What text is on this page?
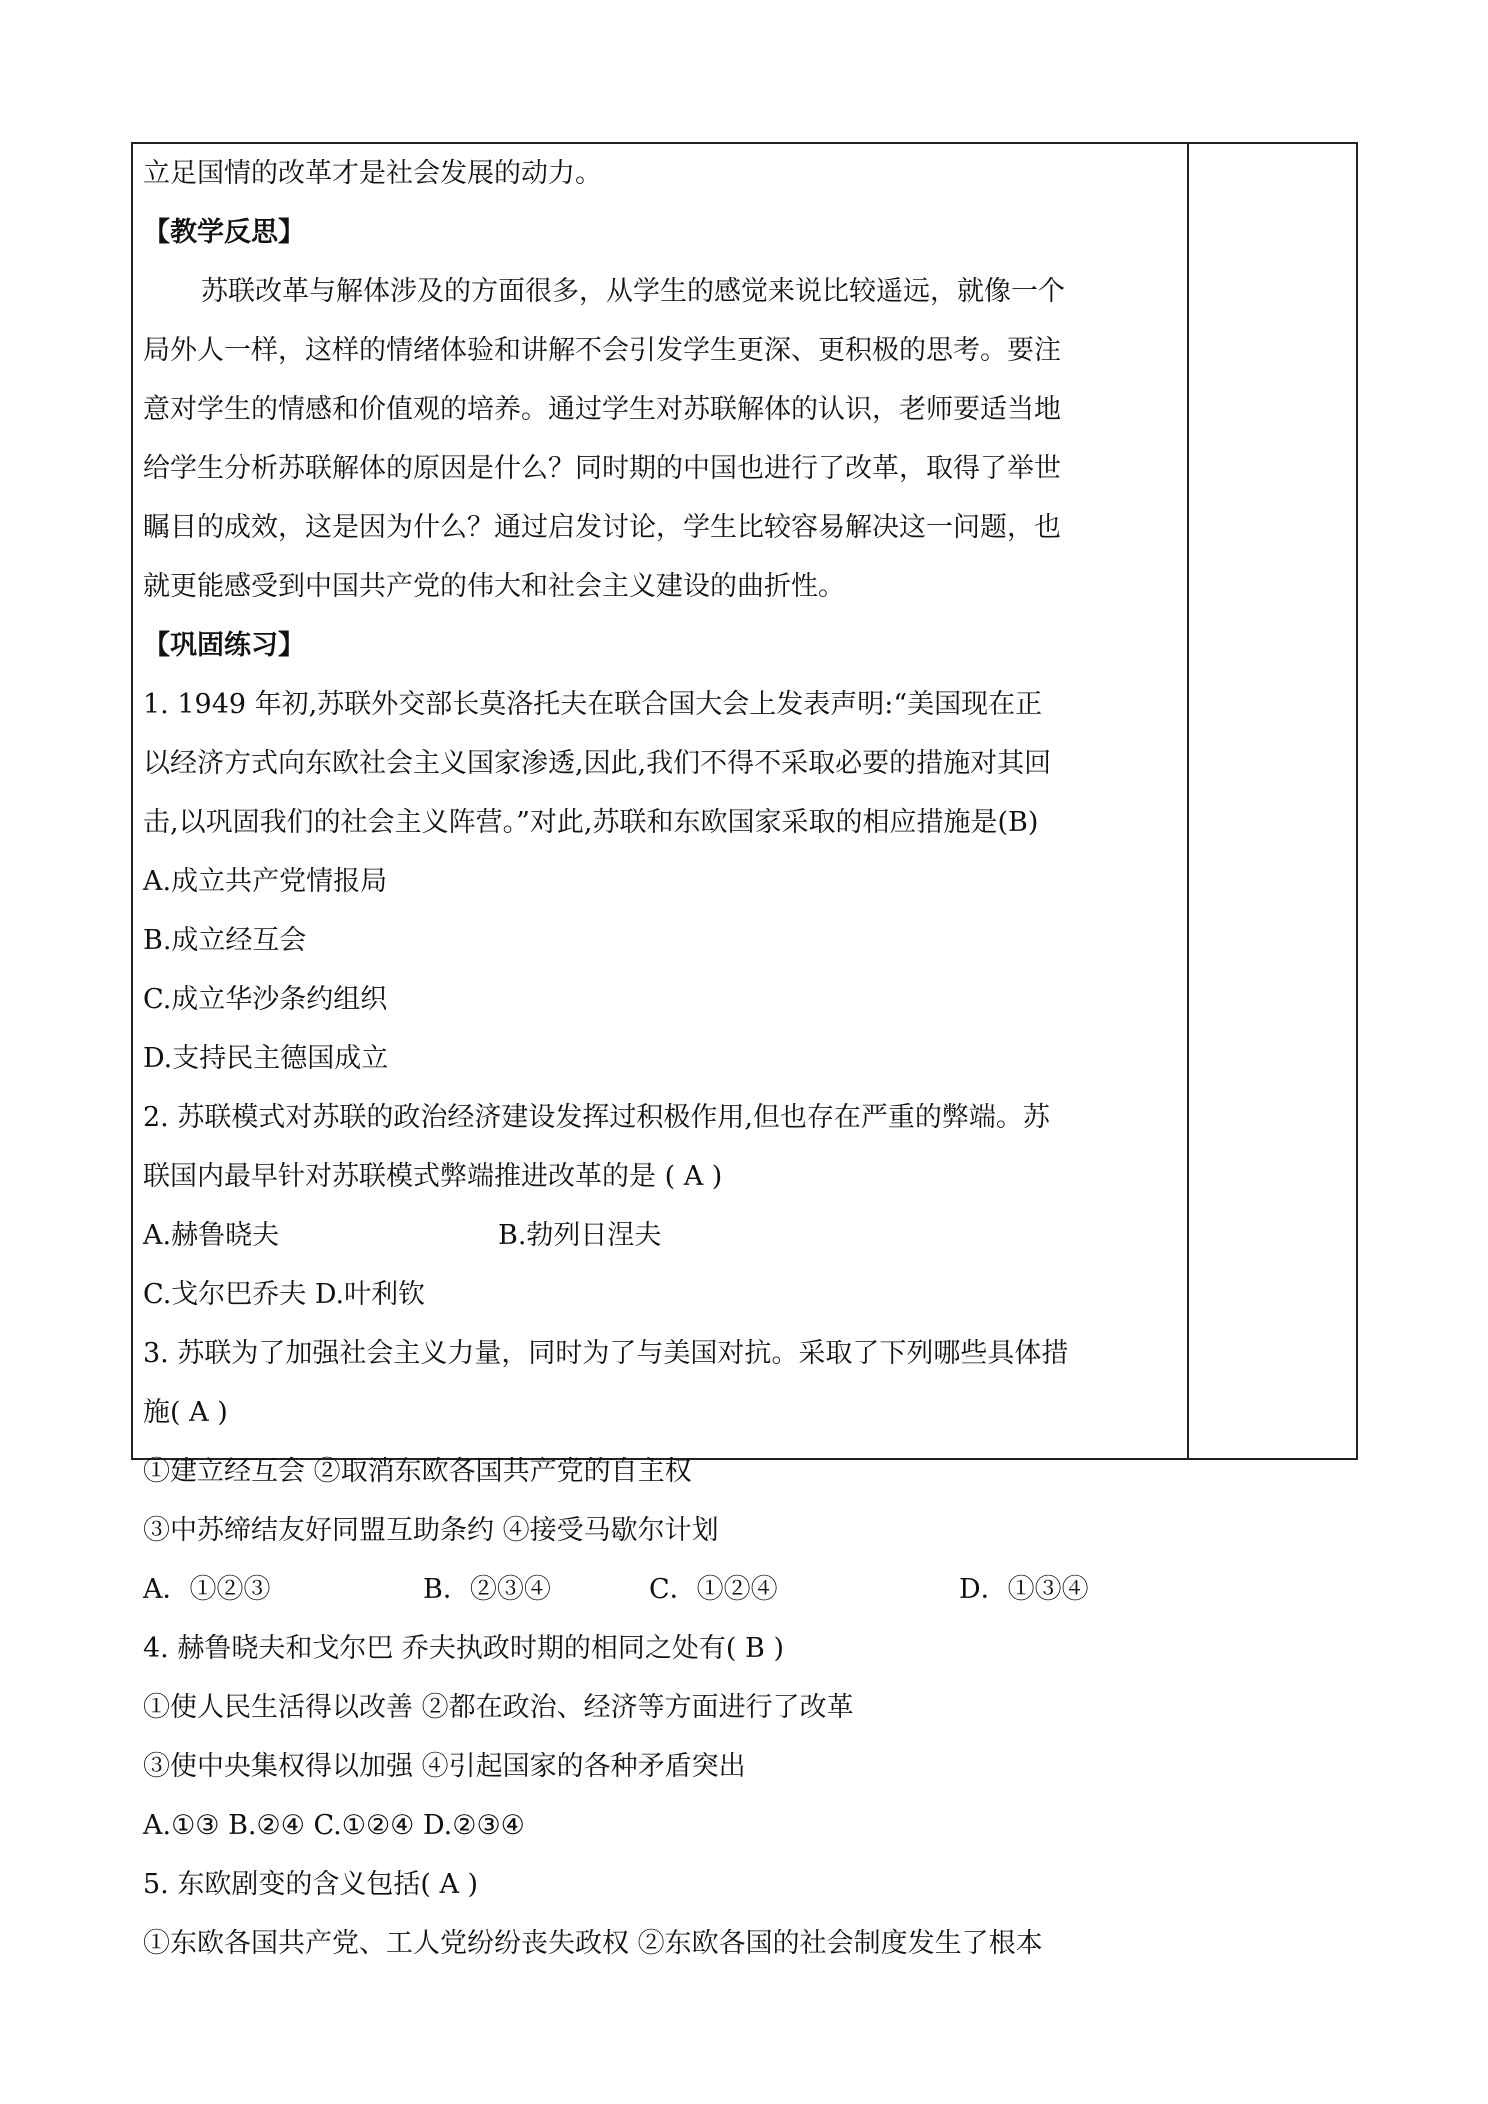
立足国情的改革才是社会发展的动力。
【教学反思】
苏联改革与解体涉及的方面很多，从学生的感觉来说比较遥远，就像一个
局外人一样，这样的情绪体验和讲解不会引发学生更深、更积极的思考。要注
意对学生的情感和价值观的培养。通过学生对苏联解体的认识，老师要适当地
给学生分析苏联解体的原因是什么？同时期的中国也进行了改革，取得了举世
瞩目的成效，这是因为什么？通过启发讨论，学生比较容易解决这一问题，也
就更能感受到中国共产党的伟大和社会主义建设的曲折性。
【巩固练习】
1. 1949 年初,苏联外交部长莫洛托夫在联合国大会上发表声明:“美国现在正
以经济方式向东欧社会主义国家渗透,因此,我们不得不采取必要的措施对其回
击,以巩固我们的社会主义阵营。”对此,苏联和东欧国家采取的相应措施是(B)
A.成立共产党情报局
B.成立经互会
C.成立华沙条约组织
D.支持民主德国成立
2. 苏联模式对苏联的政治经济建设发挥过积极作用,但也存在严重的弊端。苏
联国内最早针对苏联模式弊端推进改革的是 ( A )
A.赫鲁晓夫	B.勃列日涅夫
C.戈尔巴乔夫 D.叶利钦
3. 苏联为了加强社会主义力量，同时为了与美国对抗。采取了下列哪些具体措
施( A )
①建立经互会 ②取消东欧各国共产党的自主权
③中苏缔结友好同盟互助条约 ④接受马歇尔计划
A．①②③	B．②③④	C．①②④	D．①③④
4. 赫鲁晓夫和戈尔巴 乔夫执政时期的相同之处有( B )
①使人民生活得以改善 ②都在政治、经济等方面进行了改革
③使中央集权得以加强 ④引起国家的各种矛盾突出
A.①③ B.②④ C.①②④ D.②③④
5. 东欧剧变的含义包括( A )
①东欧各国共产党、工人党纷纷丧失政权 ②东欧各国的社会制度发生了根本
